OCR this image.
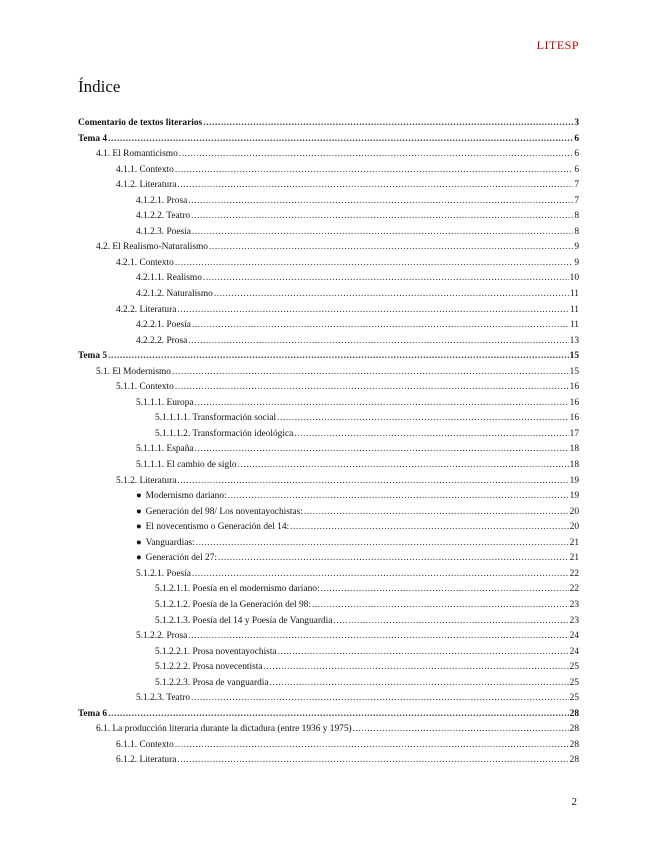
LITESP
Índice
Comentario de textos literarios .....	3
Tema 4 .....	6
4.1. El Romanticismo .....	6
4.1.1. Contexto .....	6
4.1.2. Literatura .....	7
4.1.2.1. Prosa .....	7
4.1.2.2. Teatro .....	8
4.1.2.3. Poesía .....	8
4.2. El Realismo-Naturalismo .....	9
4.2.1. Contexto .....	9
4.2.1.1. Realismo .....	10
4.2.1.2. Naturalismo .....	11
4.2.2. Literatura .....	11
4.2.2.1. Poesía .....	11
4.2.2.2. Prosa .....	13
Tema 5 .....	15
5.1. El Modernismo .....	15
5.1.1. Contexto .....	16
5.1.1.1. Europa .....	16
5.1.1.1.1. Transformación social .....	16
5.1.1.1.2. Transformación ideológica .....	17
5.1.1.1. España .....	18
5.1.1.1. El cambio de siglo .....	18
5.1.2. Literatura .....	19
● Modernismo dariano: .....	19
● Generación del 98/ Los noventayochistas: .....	20
● El novecentismo o Generación del 14: .....	20
● Vanguardias: .....	21
● Generación del 27: .....	21
5.1.2.1. Poesía .....	22
5.1.2.1.1. Poesía en el modernismo dariano: .....	22
5.1.2.1.2. Poesía de la Generación del 98: .....	23
5.1.2.1.3. Poesía del 14 y Poesía de Vanguardia .....	23
5.1.2.2. Prosa .....	24
5.1.2.2.1. Prosa noventayochista .....	24
5.1.2.2.2. Prosa novecentista .....	25
5.1.2.2.3. Prosa de vanguardia .....	25
5.1.2.3. Teatro .....	25
Tema 6 .....	28
6.1. La producción literaria durante la dictadura (entre 1936 y 1975) .....	28
6.1.1. Contexto .....	28
6.1.2. Literatura .....	28
2
